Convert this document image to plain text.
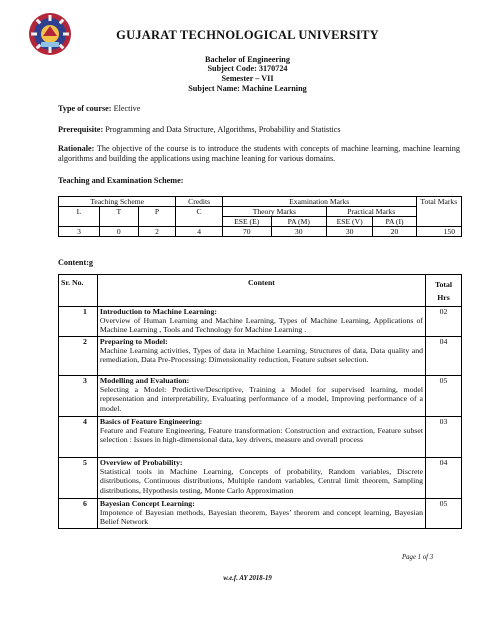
GUJARAT TECHNOLOGICAL UNIVERSITY
Bachelor of Engineering
Subject Code: 3170724
Semester – VII
Subject Name: Machine Learning
Type of course: Elective
Prerequisite: Programming and Data Structure, Algorithms, Probability and Statistics
Rationale: The objective of the course is to introduce the students with concepts of machine learning, machine learning algorithms and building the applications using machine leaning for various domains.
Teaching and Examination Scheme:
Teaching Scheme			Credits	Examination Marks				Total Marks
L	T	P	C	Theory Marks		Practical Marks		
				ESE (E)	PA (M)	ESE (V)	PA (I)	
3	0	2	4	70	30	30	20	150
Content:g
Sr. No.	Content	Total
Hrs

1	Introduction to Machine Learning:
Overview of Human Learning and Machine Learning, Types of Machine Learning, Applications of Machine Learning , Tools and Technology for Machine Learning .	02
2	Preparing to Model:
Machine Learning activities, Types of data in Machine Learning, Structures of data, Data quality and remediation, Data Pre-Processing: Dimensionality reduction, Feature subset selection.	04
3	Modelling and Evaluation:
Selecting a Model: Predictive/Descriptive, Training a Model for supervised learning, model representation and interpretability, Evaluating performance of a model, Improving performance of a model.	05
4	Basics of Feature Engineering:
Feature and Feature Engineering, Feature transformation: Construction and extraction, Feature subset selection : Issues in high-dimensional data, key drivers, measure and overall process	03
5	Overview of Probability:
Statistical tools in Machine Learning, Concepts of probability, Random variables, Discrete distributions, Continuous distributions, Multiple random variables, Central limit theorem, Sampling distributions, Hypothesis testing, Monte Carlo Approximation	04
6	Bayesian Concept Learning:
Impotence of Bayesian methods, Bayesian theorem, Bayes’ theorem and concept learning, Bayesian Belief Network	05
Page 1 of 3
w.e.f. AY 2018-19
